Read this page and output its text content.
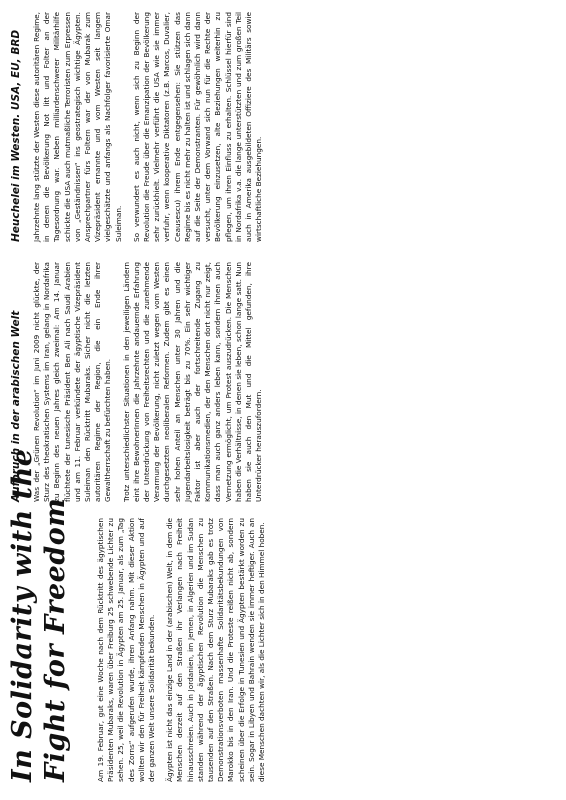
In Solidarity with the Fight for Freedom	Am 19. Februar, gut eine Woche nach dem Rücktritt des ägyptischen Präsidenten Mubaraks, waren über Freiburg 25 schwebende Lichter zu sehen. 25, weil die Revolution in Ägypten am 25. Januar, als zum „Tag des Zorns“ aufgerufen wurde, ihren Anfang nahm. Mit dieser Aktion wollten wir den für Freiheit kämpfenden Menschen in Ägypten und auf der ganzen Welt unsere Solidarität bekunden. Ägypten ist nicht das einzige Land in der (arabischen) Welt, in dem die Menschen derzeit auf den Straßen ihr Verlangen nach Freiheit hinausschreien. Auch in Jordanien, im Jemen, in Algerien und im Sudan standen während der ägyptischen Revolution die Menschen zu tausenden auf den Straßen. Nach dem Sturz Mubaraks gab es trotz Demonstrationsverboten massenhafte Solidaritätsbekundungen von Marokko bis in den Iran. Und die Proteste reißen nicht ab, sondern scheinen über die Erfolge in Tunesien und Ägypten bestärkt worden zu sein. Sogar in Libyen und Bahrain wenden sie immer heftiger. Auch an diese Menschen dachten wir, als die Lichter sich in den Himmel hoben.

Aufbruch in der arabischen Welt Was der „Grünen Revolution“ im Juni 2009 nicht glückte, der Sturz des theokratischen Systems im Iran, gelang in Nordafrika zu Beginn des neuen Jahres gleich zweimal: Am 14. Januar flüchtete der tunesische Präsident Ben Ali nach Saudi Arabien und am 11. Februar verkündete der ägyptische Vizepräsident Suleiman den Rücktritt Mubaraks. Sicher nicht die letzten autoritären Regime der Region, die ein Ende ihrer Gewaltherrschaft zu befürchten haben. Trotz unterschiedlichster Situationen in den jeweiligen Ländern eint ihre BewohnerInnen die Jahrzehnte andauernde Erfahrung der Unterdrückung von Freiheitsrechten und die zunehmende Verarmung der Bevölkerung, nicht zuletzt wegen vom Westen durchgesetzten neoliberalen Reformen. Zudem gibt es einen sehr hohen Anteil an Menschen unter 30 Jahren und die Jugendarbeitslosigkeit beträgt bis zu 70%. Ein sehr wichtiger Faktor ist aber auch der fortschreitende Zugang zu Kommunikationsmedien, der den Menschen dort nicht nur zeigt, dass man auch ganz anders leben kann, sondern ihnen auch Vernetzung ermöglicht, um Protest auszudrücken. Die Menschen haben die Verhältnisse, in denen sie leben, schon lange satt. Nun haben sie auch den Mut und die Mittel gefunden, ihre Unterdrücker herauszufordern.

Heuchelei im Westen. USA, EU, BRD Jahrzehnte lang stützte der Westen diese autoritären Regime, in denen die Bevölkerung Not litt und Folter an der Tagesordnung war. Neben milliardenschwerer Militärhilfe schickte die USA auch mutmaßliche Terroristen zum Erpressen von „Geständnissen“ ins geostrategisch wichtige Ägypten. Ansprechpartner fürs Foltern war der von Mubarak zum Vizepräsident ernannte und vom Westen seit langem vielgeschätzte und anfangs als Nachfolger favorisierte Omar Suleiman. So verwundert es auch nicht, wenn sich zu Beginn der Revolution die Freude über die Emanzipation der Bevölkerung sehr zurückhielt. Vielmehr verführt die USA wie sie immer verfuhr, wenn kooperative Diktatoren (z.B. Marcos, Duvalier, Ceausescu) ihrem Ende entgegensehen: Sie stützen das Regime bis es nicht mehr zu halten ist und schlagen sich dann auf die Seite der Demonstranten. Für gewöhnlich wird dann versucht, unter dem Vorwand sich nun für die Rechte der Bevölkerung einzusetzen, alte Beziehungen weiterhin zu pflegen, um ihren Einfluss zu erhalten. Schlüssel hierfür sind in Nordafrika v.a. die lange unterstützten und zum großen Teil auch in Amerika ausgebildeten Offiziere des Militärs sowie wirtschaftliche Beziehungen.
